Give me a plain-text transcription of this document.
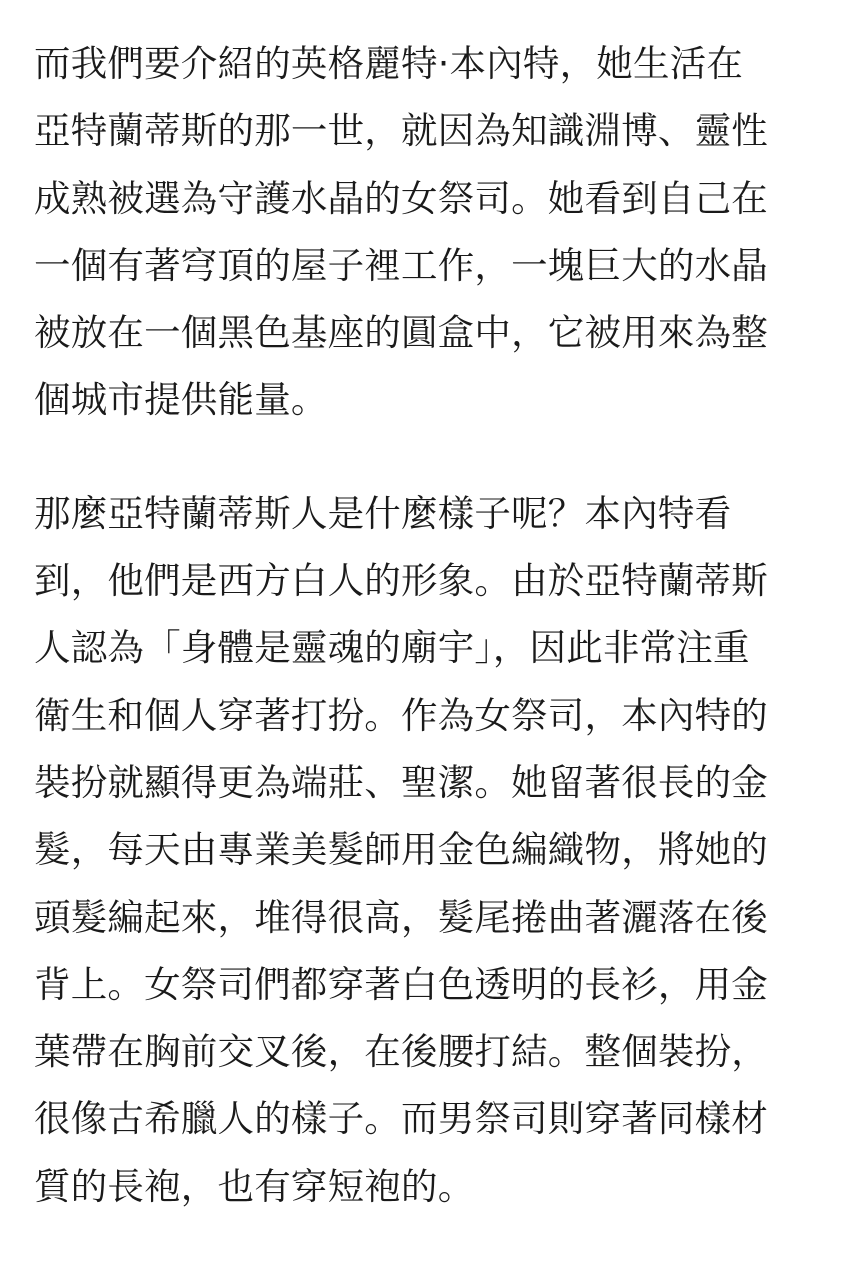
而我們要介紹的英格麗特·本內特，她生活在
亞特蘭蒂斯的那一世，就因為知識淵博、靈性
成熟被選為守護水晶的女祭司。她看到自己在
一個有著穹頂的屋子裡工作，一塊巨大的水晶
被放在一個黑色基座的圓盒中，它被用來為整
個城市提供能量。
那麼亞特蘭蒂斯人是什麼樣子呢？本內特看
到，他們是西方白人的形象。由於亞特蘭蒂斯
人認為「身體是靈魂的廟宇」，因此非常注重
衛生和個人穿著打扮。作為女祭司，本內特的
裝扮就顯得更為端莊、聖潔。她留著很長的金
髮，每天由專業美髮師用金色編織物，將她的
頭髮編起來，堆得很高，髮尾捲曲著灑落在後
背上。女祭司們都穿著白色透明的長衫，用金
葉帶在胸前交叉後，在後腰打結。整個裝扮，
很像古希臘人的樣子。而男祭司則穿著同樣材
質的長袍，也有穿短袍的。
